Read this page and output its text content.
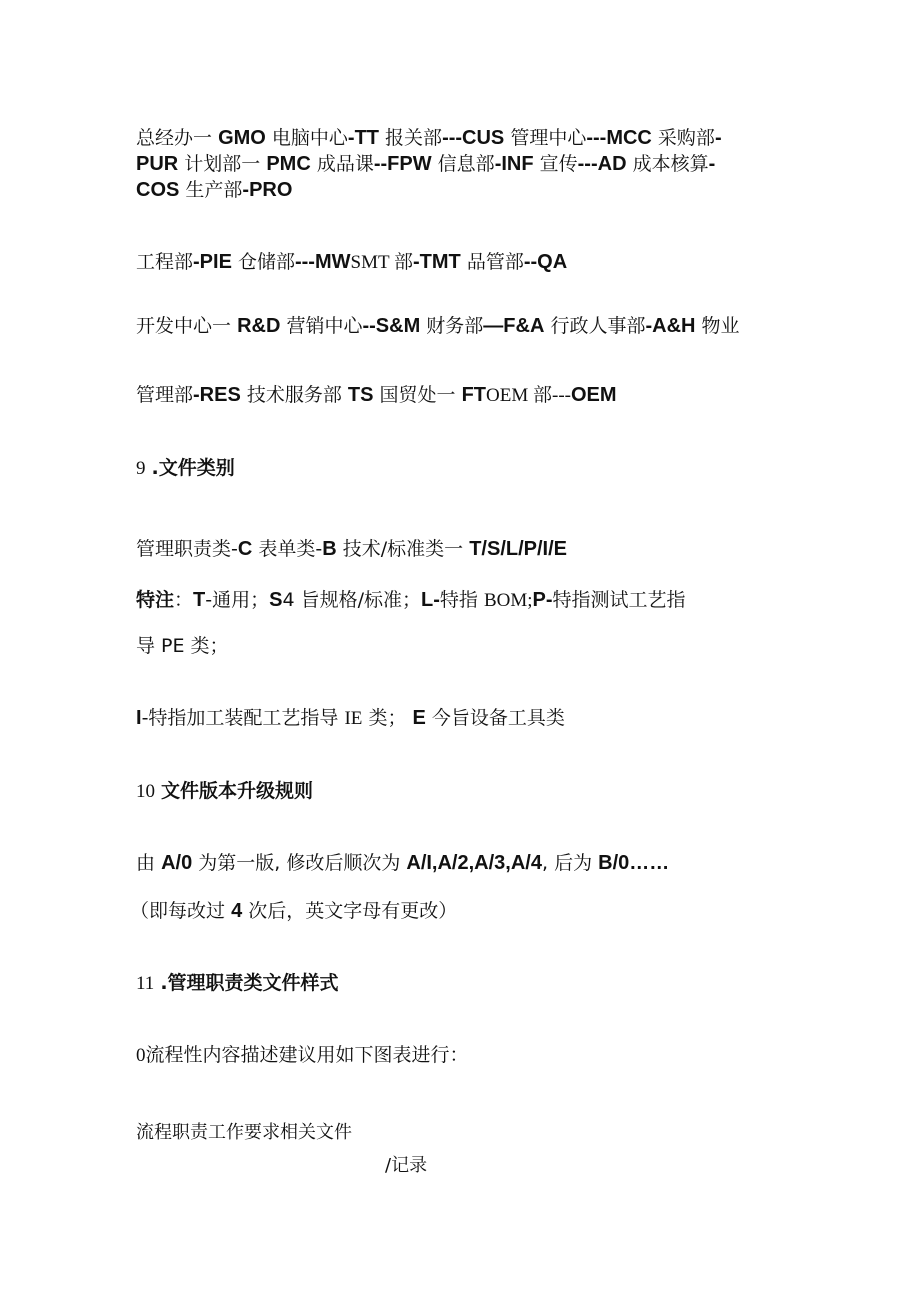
总经办一 GMO 电脑中心-TT 报关部---CUS 管理中心---MCC 采购部-

PUR 计划部一 PMC 成品课--FPW 信息部-INF 宣传---AD 成本核算-

COS 生产部-PRO

工程部-PIE 仓储部---MWSMT 部-TMT 品管部--QA

开发中心一 R&D 营销中心--S&M 财务部—F&A 行政人事部-A&H 物业

管理部-RES 技术服务部 TS 国贸处一 FTOEM 部---OEM

9 .文件类别

管理职责类-C 表单类-B 技术/标准类一 T/S/L/P/I/E

特注：T-通用；S4 旨规格/标准；L-特指 BOM;P-特指测试工艺指

导 PE 类；

I-特指加工装配工艺指导 IE 类； E 今旨设备工具类

10 文件版本升级规则

由 A/0 为第一版, 修改后顺次为 A/I,A/2,A/3,A/4, 后为 B/0……

（即每改过 4 次后，英文字母有更改）

11 .管理职责类文件样式

0流程性内容描述建议用如下图表进行：

流程职责工作要求相关文件

/记录
